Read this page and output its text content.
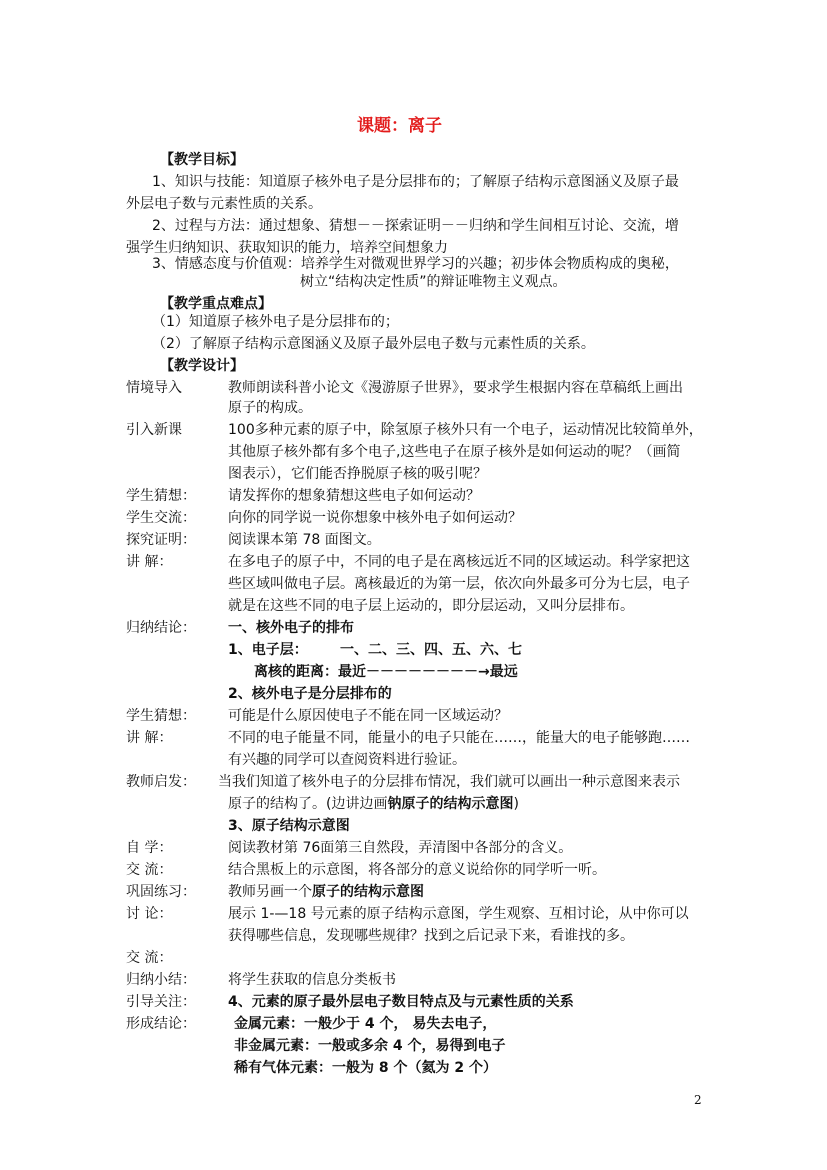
课题：离子
【教学目标】
1、知识与技能：知道原子核外电子是分层排布的；了解原子结构示意图涵义及原子最
外层电子数与元素性质的关系。
2、过程与方法：通过想象、猜想－－探索证明－－归纳和学生间相互讨论、交流，增
强学生归纳知识、获取知识的能力，培养空间想象力
3、情感态度与价值观：培养学生对微观世界学习的兴趣；初步体会物质构成的奥秘，
树立“结构决定性质”的辩证唯物主义观点。
【教学重点难点】
（1）知道原子核外电子是分层排布的；
（2）了解原子结构示意图涵义及原子最外层电子数与元素性质的关系。
【教学设计】
情境导入	教师朗读科普小论文《漫游原子世界》，要求学生根据内容在草稿纸上画出
原子的构成。
引入新课	100多种元素的原子中，除氢原子核外只有一个电子，运动情况比较简单外，
其他原子核外都有多个电子,这些电子在原子核外是如何运动的呢？（画简
图表示），它们能否挣脱原子核的吸引呢？
学生猜想： 请发挥你的想象猜想这些电子如何运动？
学生交流： 向你的同学说一说你想象中核外电子如何运动？
探究证明： 阅读课本第 78 面图文。
讲 解：	在多电子的原子中，不同的电子是在离核远近不同的区域运动。科学家把这
些区域叫做电子层。离核最近的为第一层，依次向外最多可分为七层，电子
就是在这些不同的电子层上运动的，即分层运动，又叫分层排布。
归纳结论： 一、核外电子的排布
1、电子层： 一、二、三、四、五、六、七
离核的距离：最近－－－－－－－－→最远
2、核外电子是分层排布的
学生猜想： 可能是什么原因使电子不能在同一区域运动？
讲 解：	不同的电子能量不同，能量小的电子只能在……，能量大的电子能够跑……
有兴趣的同学可以查阅资料进行验证。
教师启发： 当我们知道了核外电子的分层排布情况，我们就可以画出一种示意图来表示
原子的结构了。(边讲边画钠原子的结构示意图)
3、原子结构示意图
自 学：	阅读教材第 76面第三自然段，弄清图中各部分的含义。
交 流：	结合黑板上的示意图，将各部分的意义说给你的同学听一听。
巩固练习： 教师另画一个原子的结构示意图
讨 论：	展示 1-—18 号元素的原子结构示意图，学生观察、互相讨论，从中你可以
获得哪些信息，发现哪些规律？找到之后记录下来，看谁找的多。
交 流：
归纳小结： 将学生获取的信息分类板书
引导关注： 4、元素的原子最外层电子数目特点及与元素性质的关系
形成结论：	金属元素：一般少于 4 个， 易失去电子，
非金属元素：一般或多余 4 个，易得到电子
稀有气体元素：一般为 8 个（氦为 2 个）
2
